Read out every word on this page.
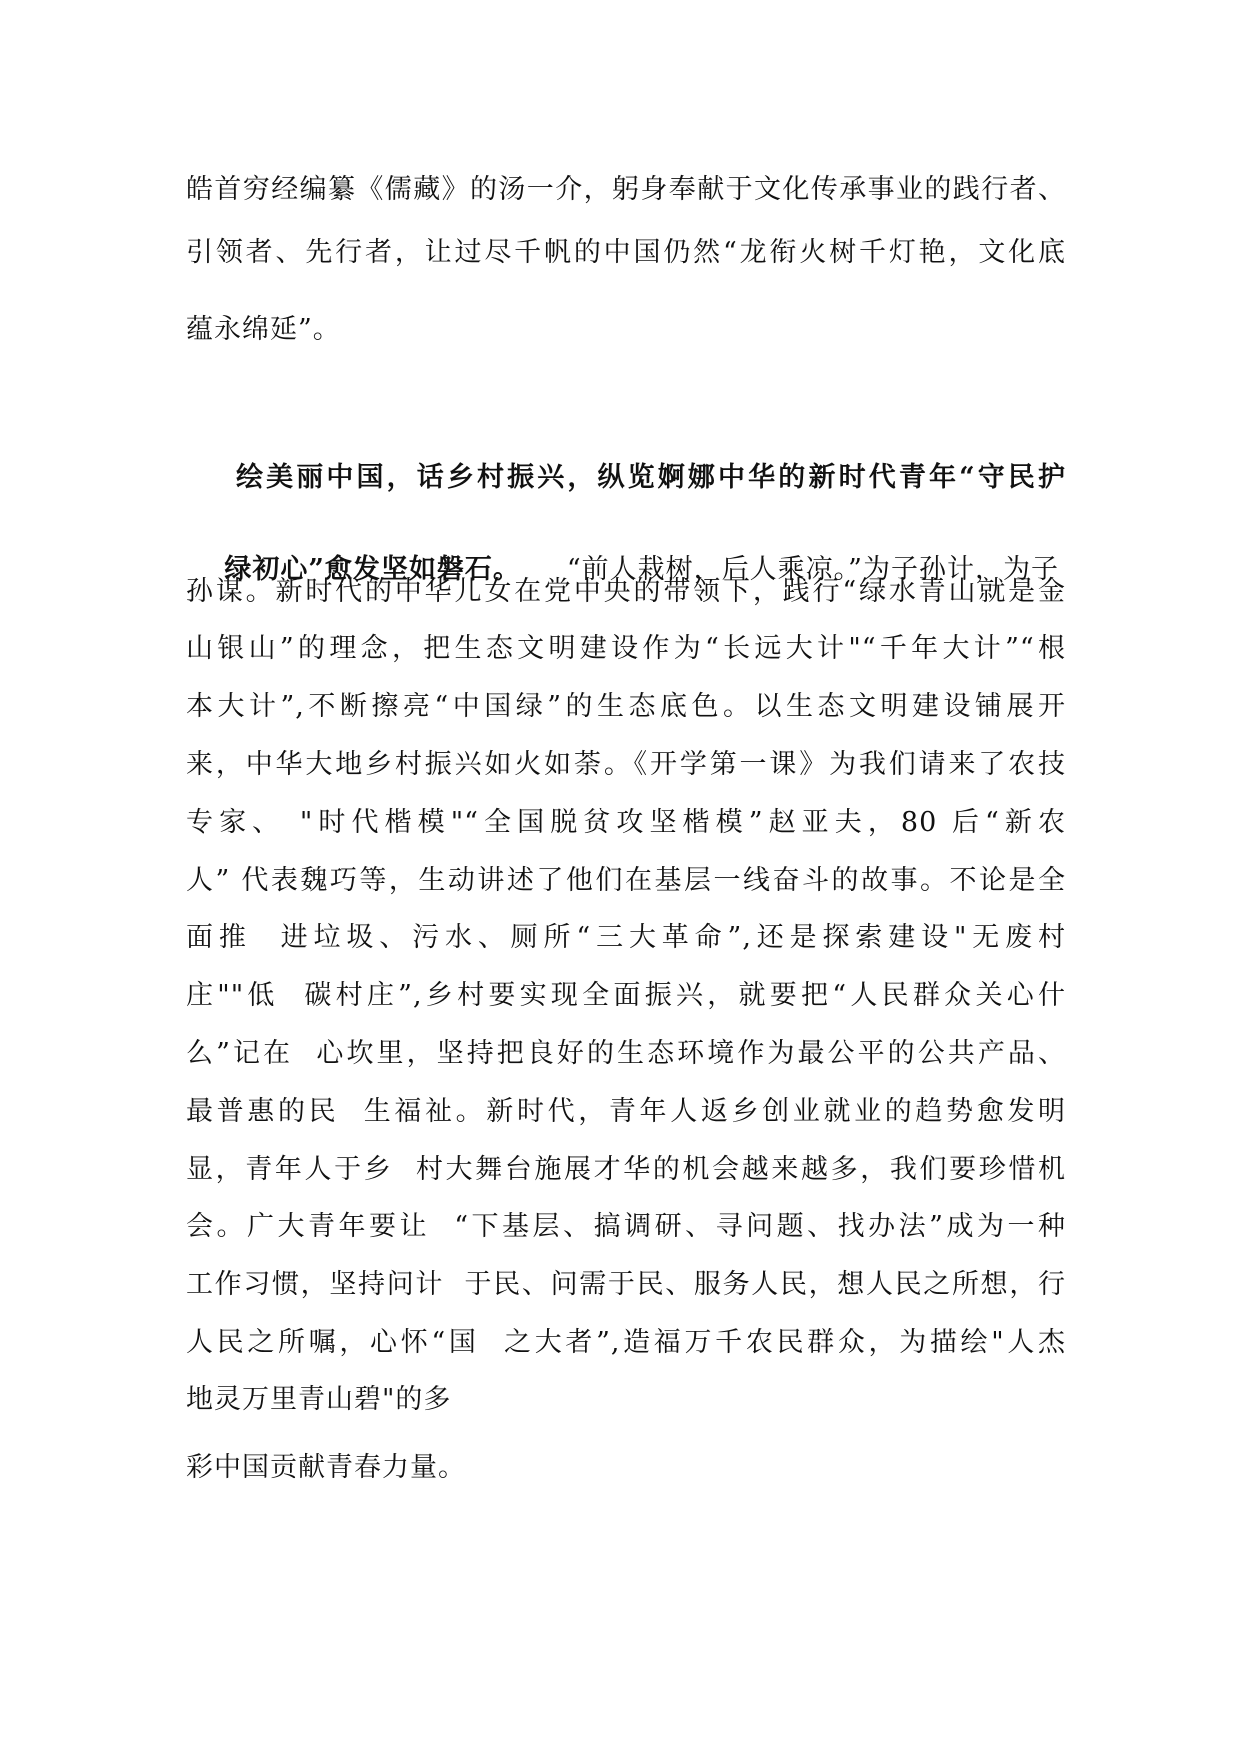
皓首穷经编纂《儒藏》的汤一介，躬身奉献于文化传承事业的践行者、
引领者、先行者，让过尽千帆的中国仍然“龙衔火树千灯艳，文化底
蕴永绵延”。
绘美丽中国，话乡村振兴，纵览婀娜中华的新时代青年“守民护

绿初心”愈发坚如磐石。 “前人栽树，后人乘凉。”为子孙计，为子

孙谋。新时代的中华儿女在党中央的带领下，践行“绿水青山就是金
山银山”的理念，把生态文明建设作为“长远大计"“千年大计”“根
本大计”,不断擦亮“中国绿”的生态底色。以生态文明建设铺展开
来，中华大地乡村振兴如火如荼。《开学第一课》为我们请来了农技
专家、 "时代楷模"“全国脱贫攻坚楷模”赵亚夫，80 后“新农
人” 代表魏巧等，生动讲述了他们在基层一线奋斗的故事。不论是全
面推  进垃圾、污水、厕所“三大革命”,还是探索建设"无废村
庄""低  碳村庄”,乡村要实现全面振兴，就要把“人民群众关心什
么”记在  心坎里，坚持把良好的生态环境作为最公平的公共产品、
最普惠的民  生福祉。新时代，青年人返乡创业就业的趋势愈发明
显，青年人于乡  村大舞台施展才华的机会越来越多，我们要珍惜机
会。广大青年要让  “下基层、搞调研、寻问题、找办法”成为一种
工作习惯，坚持问计  于民、问需于民、服务人民，想人民之所想，行
人民之所嘱，心怀“国  之大者”,造福万千农民群众，为描绘"人杰
地灵万里青山碧"的多
彩中国贡献青春力量。
